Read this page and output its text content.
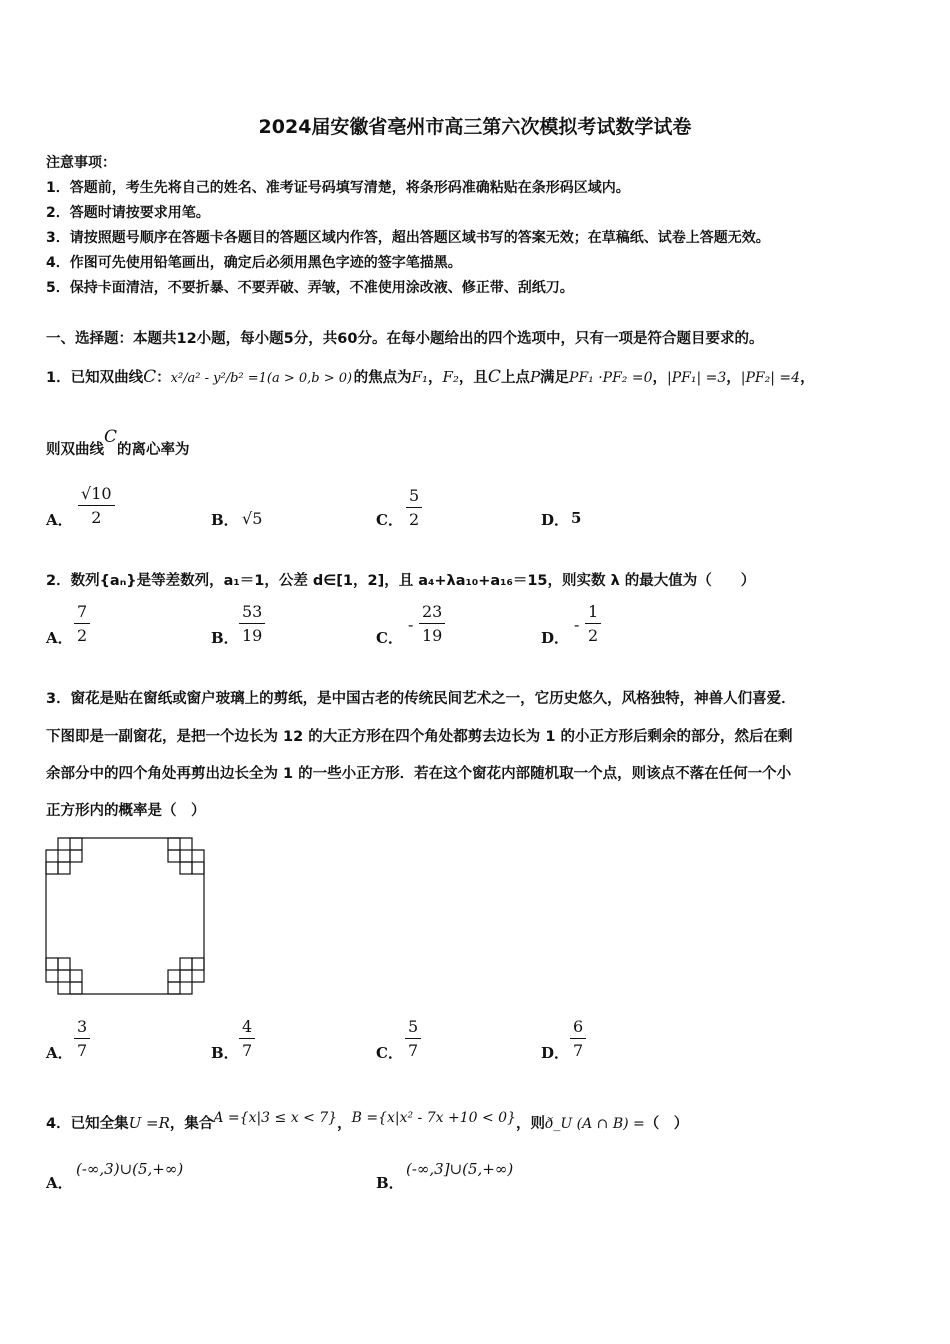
2024届安徽省亳州市高三第六次模拟考试数学试卷
注意事项：
1．答题前，考生先将自己的姓名、准考证号码填写清楚，将条形码准确粘贴在条形码区域内。
2．答题时请按要求用笔。
3．请按照题号顺序在答题卡各题目的答题区域内作答，超出答题区域书写的答案无效；在草稿纸、试卷上答题无效。
4．作图可先使用铅笔画出，确定后必须用黑色字迹的签字笔描黑。
5．保持卡面清洁，不要折暴、不要弄破、弄皱，不准使用涂改液、修正带、刮纸刀。
一、选择题：本题共12小题，每小题5分，共60分。在每小题给出的四个选项中，只有一项是符合题目要求的。
1．已知双曲线C：x²/a² - y²/b² =1(a > 0,b > 0) 的焦点为F₁，F₂，且C上点P满足PF₁ ·PF₂ =0，|PF₁| =3，|PF₂| =4，
则双曲线C的离心率为
A．
√10
2	B． √5	C．
5
2	D． 5
2．数列{aₙ}是等差数列，a₁＝1，公差 d∈[1，2]，且 a₄+λa₁₀+a₁₆＝15，则实数 λ 的最大值为（　　）
A．
7
2	B．
53
19	C．
-
23
19	D．
-
1
2
3．窗花是贴在窗纸或窗户玻璃上的剪纸，是中国古老的传统民间艺术之一，它历史悠久，风格独特，神兽人们喜爱．
下图即是一副窗花，是把一个边长为 12 的大正方形在四个角处都剪去边长为 1 的小正方形后剩余的部分，然后在剩
余部分中的四个角处再剪出边长全为 1 的一些小正方形．若在这个窗花内部随机取一个点，则该点不落在任何一个小
正方形内的概率是（　）
A．
3
7	B．
4
7	C．
5
7	D．
6
7
4．已知全集U =R，集合A ={x|3 ≤ x < 7}，B ={x|x² - 7x +10 < 0}，则ð_U (A ∩ B) =（　）
A．
(-∞,3)∪(5,+∞)
B．
(-∞,3]∪(5,+∞)
